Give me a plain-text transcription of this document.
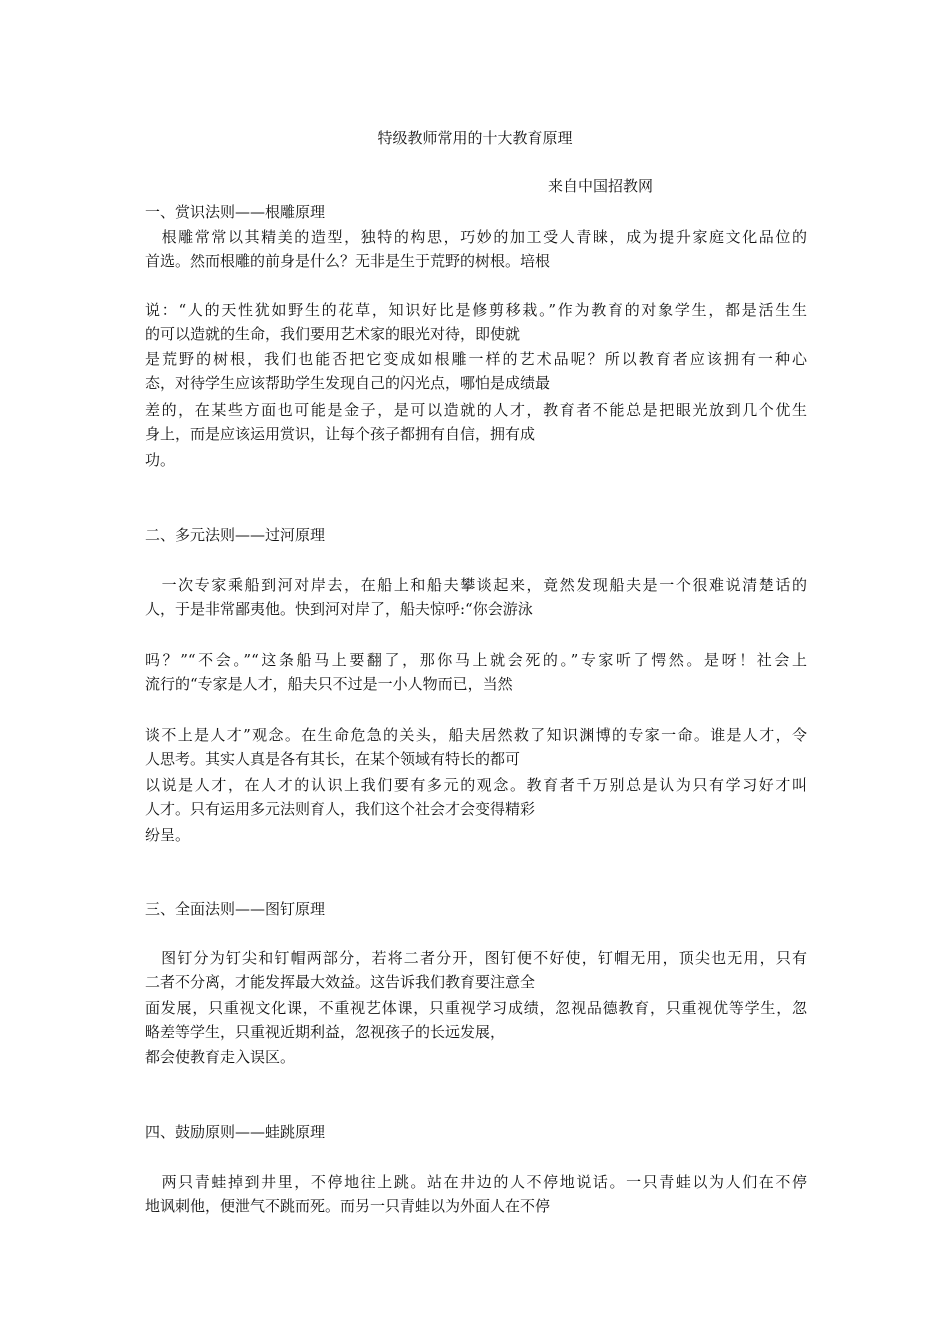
特级教师常用的十大教育原理
来自中国招教网
一、赏识法则——根雕原理
　根雕常常以其精美的造型，独特的构思，巧妙的加工受人青睐，成为提升家庭文化品位的
首选。然而根雕的前身是什么？无非是生于荒野的树根。培根
说：“人的天性犹如野生的花草，知识好比是修剪移栽。”作为教育的对象学生，都是活生生
的可以造就的生命，我们要用艺术家的眼光对待，即使就
是荒野的树根，我们也能否把它变成如根雕一样的艺术品呢？所以教育者应该拥有一种心
态，对待学生应该帮助学生发现自己的闪光点，哪怕是成绩最
差的，在某些方面也可能是金子，是可以造就的人才，教育者不能总是把眼光放到几个优生
身上，而是应该运用赏识，让每个孩子都拥有自信，拥有成
功。
二、多元法则——过河原理
　一次专家乘船到河对岸去，在船上和船夫攀谈起来，竟然发现船夫是一个很难说清楚话的
人，于是非常鄙夷他。快到河对岸了，船夫惊呼:“你会游泳
吗？”“不会。”“这条船马上要翻了，那你马上就会死的。”专家听了愕然。是呀！社会上
流行的“专家是人才，船夫只不过是一小人物而已，当然
谈不上是人才”观念。在生命危急的关头，船夫居然救了知识渊博的专家一命。谁是人才，令
人思考。其实人真是各有其长，在某个领域有特长的都可
以说是人才，在人才的认识上我们要有多元的观念。教育者千万别总是认为只有学习好才叫
人才。只有运用多元法则育人，我们这个社会才会变得精彩
纷呈。
三、全面法则——图钉原理
　图钉分为钉尖和钉帽两部分，若将二者分开，图钉便不好使，钉帽无用，顶尖也无用，只有
二者不分离，才能发挥最大效益。这告诉我们教育要注意全
面发展，只重视文化课，不重视艺体课，只重视学习成绩，忽视品德教育，只重视优等学生，忽
略差等学生，只重视近期利益，忽视孩子的长远发展，
都会使教育走入误区。
四、鼓励原则——蛙跳原理
　两只青蛙掉到井里，不停地往上跳。站在井边的人不停地说话。一只青蛙以为人们在不停
地讽刺他，便泄气不跳而死。而另一只青蛙以为外面人在不停
